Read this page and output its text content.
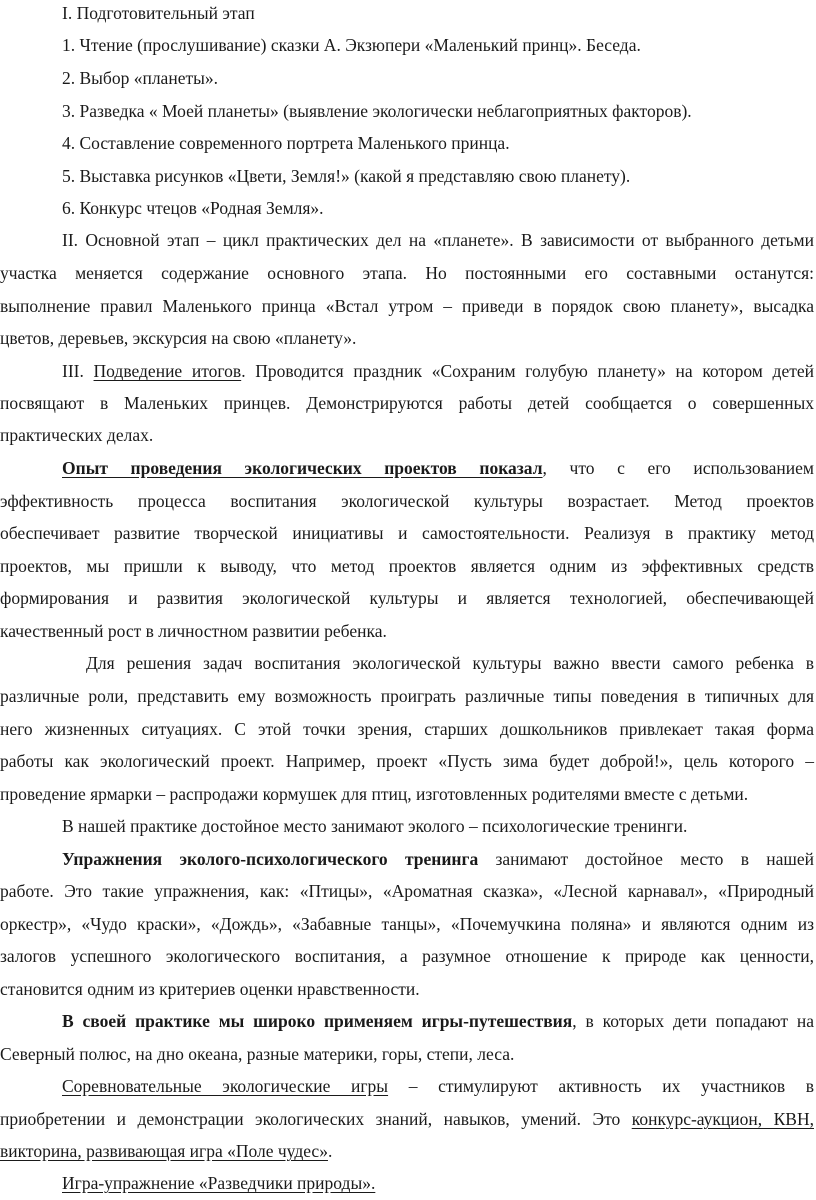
I. Подготовительный этап
1. Чтение (прослушивание) сказки А. Экзюпери «Маленький принц». Беседа.
2. Выбор «планеты».
3. Разведка « Моей планеты» (выявление экологически неблагоприятных факторов).
4. Составление современного портрета Маленького принца.
5. Выставка рисунков «Цвети, Земля!» (какой я представляю свою планету).
6. Конкурс чтецов «Родная Земля».
II. Основной этап – цикл практических дел на «планете». В зависимости от выбранного детьми
участка меняется содержание основного этапа. Но постоянными его составными останутся:
выполнение правил Маленького принца «Встал утром – приведи в порядок свою планету», высадка
цветов, деревьев, экскурсия на свою «планету».
III. Подведение итогов. Проводится праздник «Сохраним голубую планету» на котором детей
посвящают в Маленьких принцев. Демонстрируются работы детей сообщается о совершенных
практических делах.
Опыт проведения экологических проектов показал, что с его использованием
эффективность процесса воспитания экологической культуры возрастает. Метод проектов
обеспечивает развитие творческой инициативы и самостоятельности. Реализуя в практику метод
проектов, мы пришли к выводу, что метод проектов является одним из эффективных средств
формирования и развития экологической культуры и является технологией, обеспечивающей
качественный рост в личностном развитии ребенка.
Для решения задач воспитания экологической культуры важно ввести самого ребенка в
различные роли, представить ему возможность проиграть различные типы поведения в типичных для
него жизненных ситуациях. С этой точки зрения, старших дошкольников привлекает такая форма
работы как экологический проект. Например, проект «Пусть зима будет доброй!», цель которого –
проведение ярмарки – распродажи кормушек для птиц, изготовленных родителями вместе с детьми.
В нашей практике достойное место занимают эколого – психологические тренинги.
Упражнения эколого-психологического тренинга занимают достойное место в нашей
работе. Это такие упражнения, как: «Птицы», «Ароматная сказка», «Лесной карнавал», «Природный
оркестр», «Чудо краски», «Дождь», «Забавные танцы», «Почемучкина поляна» и являются одним из
залогов успешного экологического воспитания, а разумное отношение к природе как ценности,
становится одним из критериев оценки нравственности.
В своей практике мы широко применяем игры-путешествия, в которых дети попадают на
Северный полюс, на дно океана, разные материки, горы, степи, леса.
Соревновательные экологические игры – стимулируют активность их участников в
приобретении и демонстрации экологических знаний, навыков, умений. Это конкурс-аукцион, КВН,
викторина, развивающая игра «Поле чудес».
Игра-упражнение «Разведчики природы».
